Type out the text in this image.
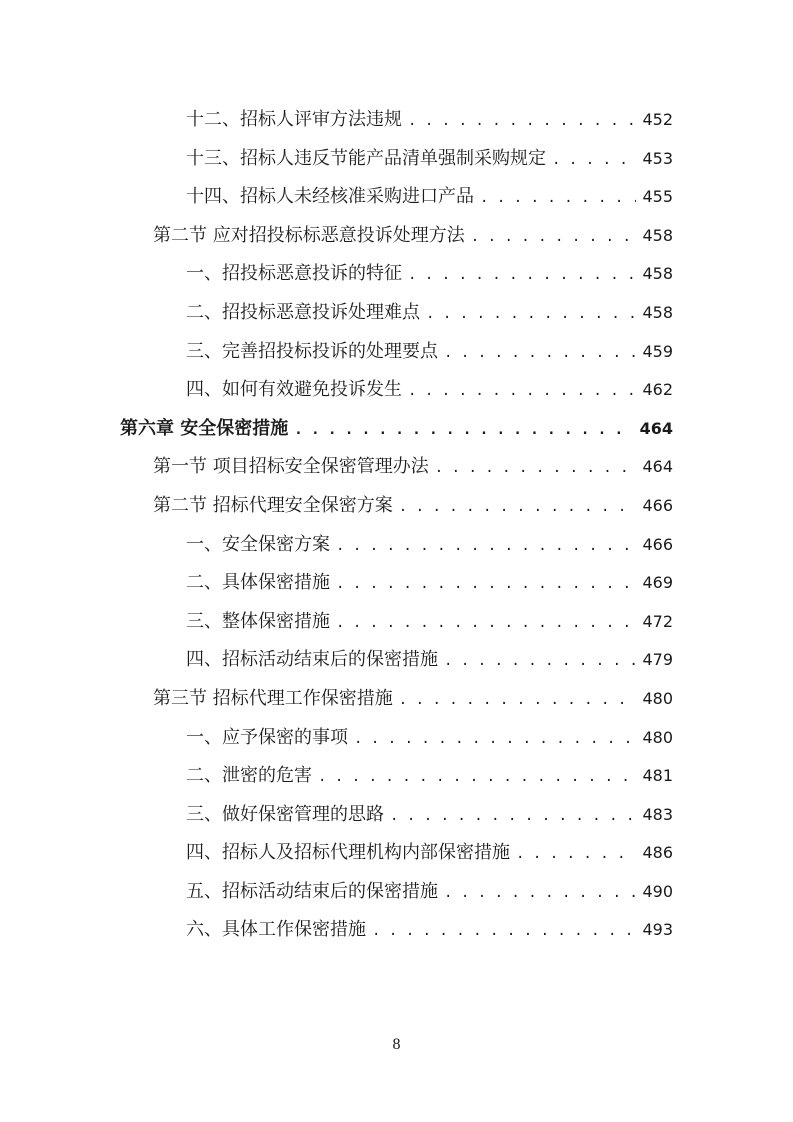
十二、招标人评审方法违规 . . .	452
十三、招标人违反节能产品清单强制采购规定 . . .	453
十四、招标人未经核准采购进口产品 . . .	455
第二节 应对招投标标恶意投诉处理方法 . . .	458
一、招投标恶意投诉的特征 . . .	458
二、招投标恶意投诉处理难点 . . .	458
三、完善招投标投诉的处理要点 . . .	459
四、如何有效避免投诉发生 . . .	462
第六章 安全保密措施 . . .	464
第一节 项目招标安全保密管理办法 . . .	464
第二节 招标代理安全保密方案 . . .	466
一、安全保密方案 . . .	466
二、具体保密措施 . . .	469
三、整体保密措施 . . .	472
四、招标活动结束后的保密措施 . . .	479
第三节 招标代理工作保密措施 . . .	480
一、应予保密的事项 . . .	480
二、泄密的危害 . . .	481
三、做好保密管理的思路 . . .	483
四、招标人及招标代理机构内部保密措施 . . .	486
五、招标活动结束后的保密措施 . . .	490
六、具体工作保密措施 . . .	493
8
